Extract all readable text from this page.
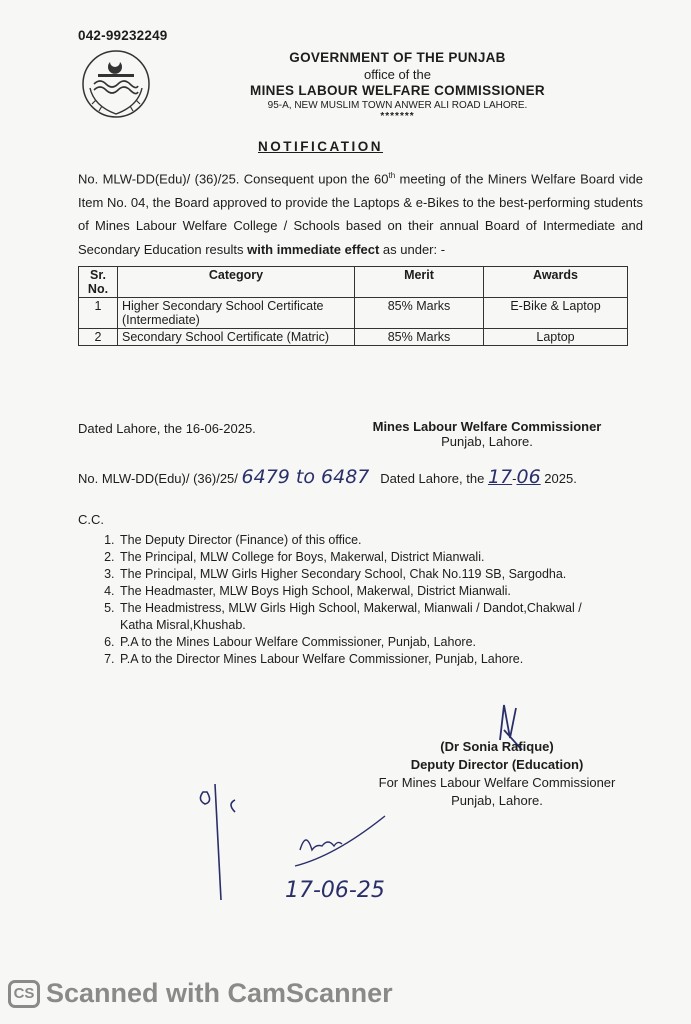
042-99232249
GOVERNMENT OF THE PUNJAB
office of the
MINES LABOUR WELFARE COMMISSIONER
95-A, NEW MUSLIM TOWN ANWER ALI ROAD LAHORE.
*******
NOTIFICATION
No. MLW-DD(Edu)/ (36)/25. Consequent upon the 60th meeting of the Miners Welfare Board vide Item No. 04, the Board approved to provide the Laptops & e-Bikes to the best-performing students of Mines Labour Welfare College / Schools based on their annual Board of Intermediate and Secondary Education results with immediate effect as under: -
Sr. No.	Category	Merit	Awards
1	Higher Secondary School Certificate (Intermediate)	85% Marks	E-Bike & Laptop
2	Secondary School Certificate (Matric)	85% Marks	Laptop
Dated Lahore, the 16-06-2025.	Mines Labour Welfare Commissioner
Punjab, Lahore.
No. MLW-DD(Edu)/ (36)/25/ 6479 to 6487 Dated Lahore, the 17-06 2025.
C.C.
1. The Deputy Director (Finance) of this office.
2. The Principal, MLW College for Boys, Makerwal, District Mianwali.
3. The Principal, MLW Girls Higher Secondary School, Chak No.119 SB, Sargodha.
4. The Headmaster, MLW Boys High School, Makerwal, District Mianwali.
5. The Headmistress, MLW Girls High School, Makerwal, Mianwali / Dandot,Chakwal / Katha Misral,Khushab.
6. P.A to the Mines Labour Welfare Commissioner, Punjab, Lahore.
7. P.A to the Director Mines Labour Welfare Commissioner, Punjab, Lahore.
(Dr Sonia Rafique)
Deputy Director (Education)
For Mines Labour Welfare Commissioner
Punjab, Lahore.
17-06-25
CS Scanned with CamScanner
